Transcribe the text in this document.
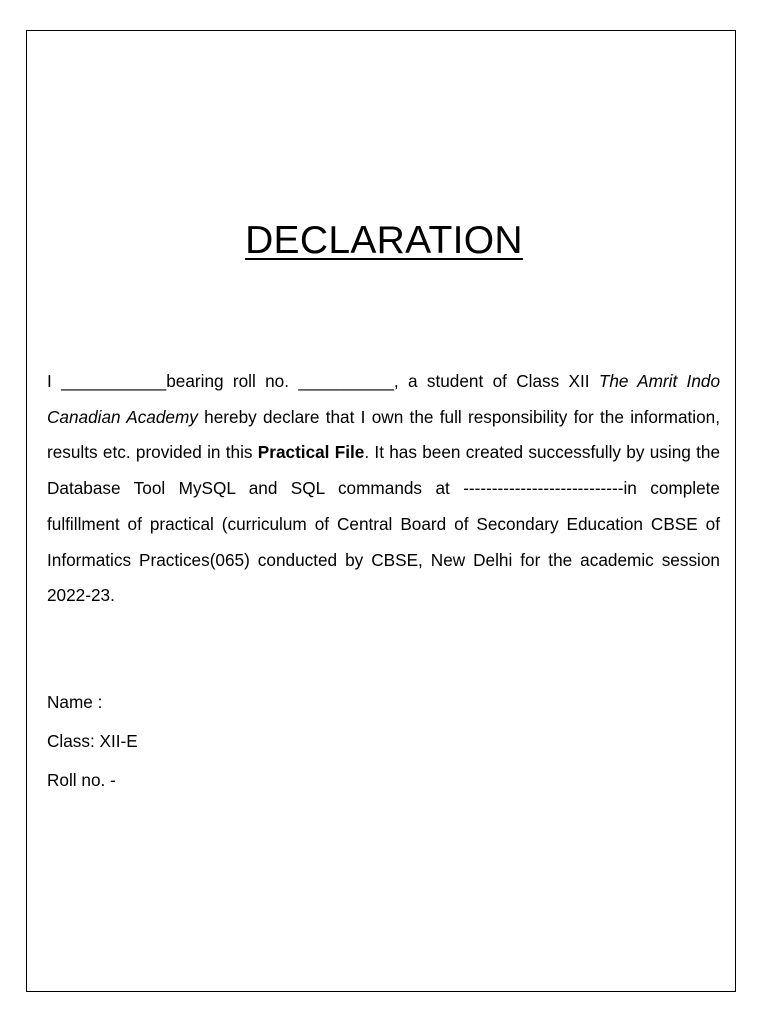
DECLARATION

I ___________bearing roll no. __________, a student of Class XII The Amrit Indo Canadian Academy hereby declare that I own the full responsibility for the information, results etc. provided in this Practical File. It has been created successfully by using the Database Tool MySQL and SQL commands at ----------------------------in complete fulfillment of practical (curriculum of Central Board of Secondary Education CBSE of Informatics Practices(065) conducted by CBSE, New Delhi for the academic session 2022-23.

Name :
Class: XII-E
Roll no. -
